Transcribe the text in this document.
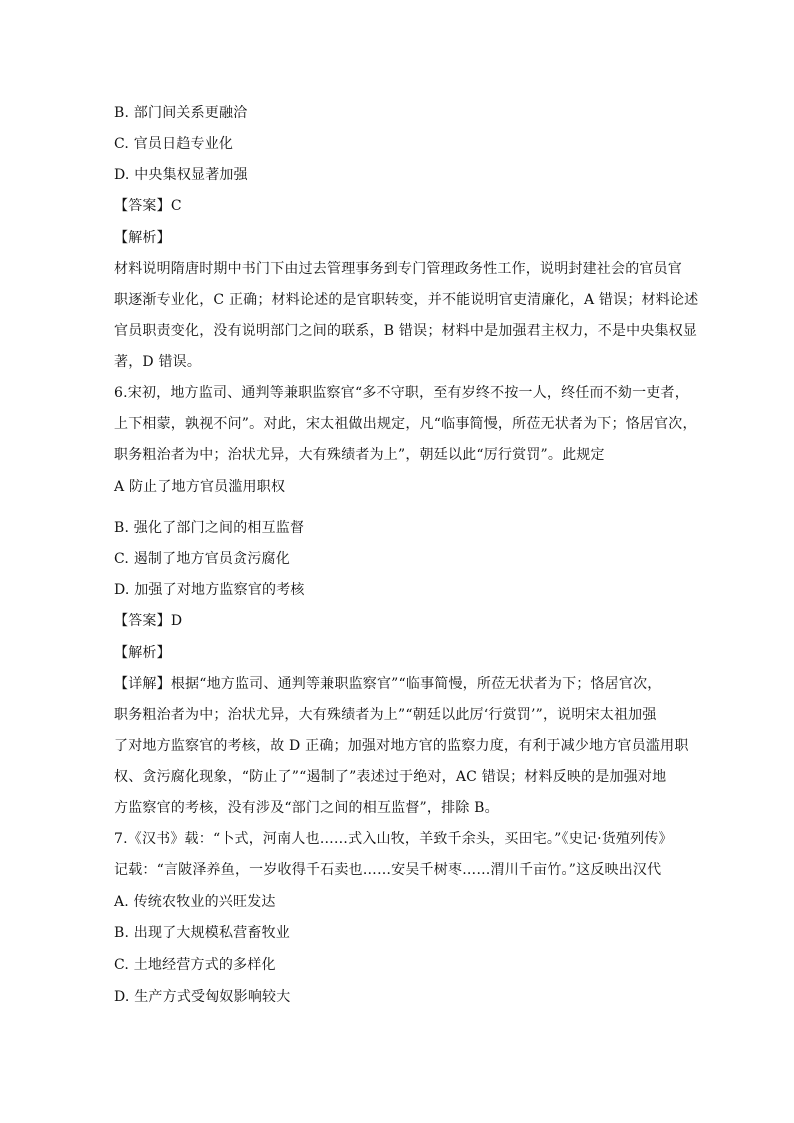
B. 部门间关系更融洽
C. 官员日趋专业化
D. 中央集权显著加强
【答案】C
【解析】
材料说明隋唐时期中书门下由过去管理事务到专门管理政务性工作，说明封建社会的官员官
职逐渐专业化，C 正确；材料论述的是官职转变，并不能说明官吏清廉化，A 错误；材料论述
官员职责变化，没有说明部门之间的联系，B 错误；材料中是加强君主权力，不是中央集权显
著，D 错误。
6.宋初，地方监司、通判等兼职监察官“多不守职，至有岁终不按一人，终任而不劾一吏者，
上下相蒙，孰视不问”。对此，宋太祖做出规定，凡“临事简慢，所莅无状者为下；恪居官次，
职务粗治者为中；治状尤异，大有殊绩者为上”，朝廷以此“厉行赏罚”。此规定
A 防止了地方官员滥用职权
B. 强化了部门之间的相互监督
C. 遏制了地方官员贪污腐化
D. 加强了对地方监察官的考核
【答案】D
【解析】
【详解】根据“地方监司、通判等兼职监察官”“临事简慢，所莅无状者为下；恪居官次，
职务粗治者为中；治状尤异，大有殊绩者为上”“朝廷以此厉‘行赏罚’”，说明宋太祖加强
了对地方监察官的考核，故 D 正确；加强对地方官的监察力度，有利于减少地方官员滥用职
权、贪污腐化现象，“防止了”“遏制了”表述过于绝对，AC 错误；材料反映的是加强对地
方监察官的考核，没有涉及“部门之间的相互监督”，排除 B。
7.《汉书》载：“卜式，河南人也……式入山牧，羊致千余头，买田宅。”《史记·货殖列传》
记载：“言陂泽养鱼，一岁收得千石卖也……安吴千树枣……渭川千亩竹。”这反映出汉代
A. 传统农牧业的兴旺发达
B. 出现了大规模私营畜牧业
C. 土地经营方式的多样化
D. 生产方式受匈奴影响较大
